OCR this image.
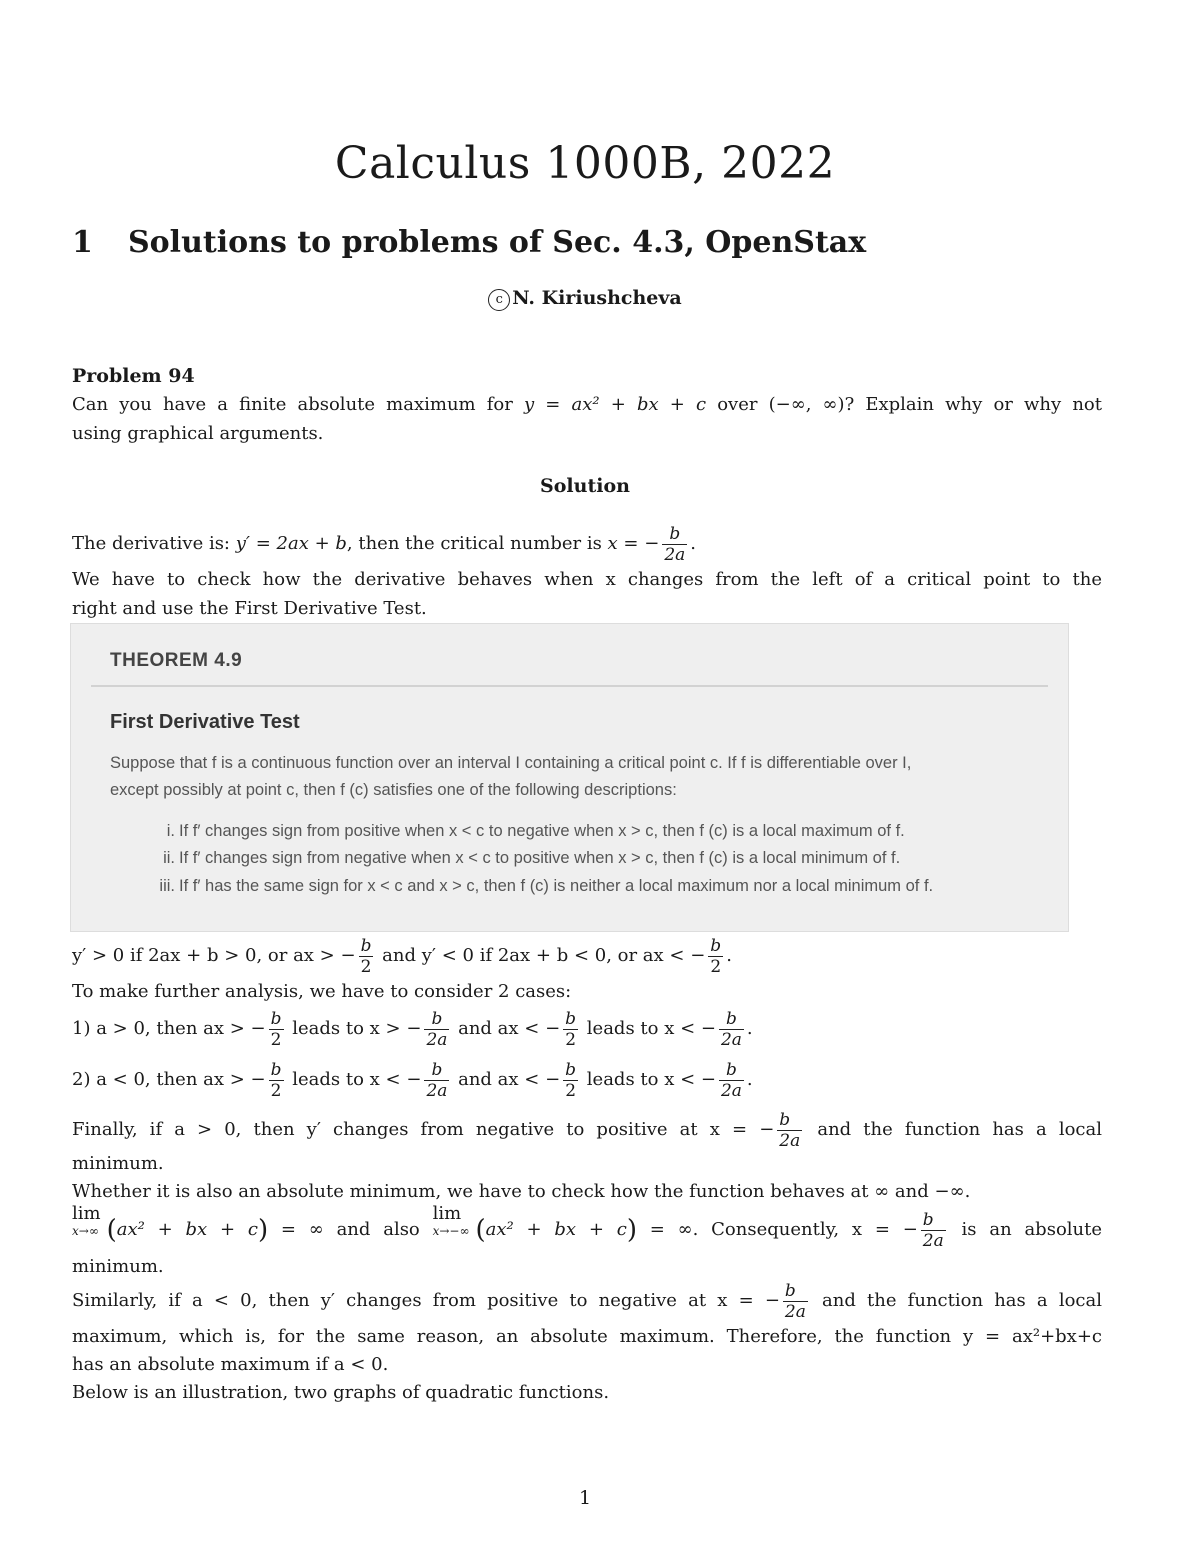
Calculus 1000B, 2022
1 Solutions to problems of Sec. 4.3, OpenStax
c N. Kiriushcheva
Problem 94
Can you have a finite absolute maximum for y = ax² + bx + c over (−∞, ∞)? Explain why or why not
using graphical arguments.
Solution
The derivative is: y′ = 2ax + b, then the critical number is x = − $\frac{b}{2a}$ .
We have to check how the derivative behaves when x changes from the left of a critical point to the
right and use the First Derivative Test.
THEOREM 4.9
First Derivative Test
Suppose that f is a continuous function over an interval I containing a critical point c. If f is differentiable over I,
except possibly at point c, then f (c) satisfies one of the following descriptions:
i. If f′ changes sign from positive when x < c to negative when x > c, then f (c) is a local maximum of f.
ii. If f′ changes sign from negative when x < c to positive when x > c, then f (c) is a local minimum of f.
iii. If f′ has the same sign for x < c and x > c, then f (c) is neither a local maximum nor a local minimum of f.
y′ > 0 if 2ax + b > 0, or ax > − $\frac{b}{2}$ and y′ < 0 if 2ax + b < 0, or ax < − $\frac{b}{2}$ .
To make further analysis, we have to consider 2 cases:
1) a > 0, then ax > − $\frac{b}{2}$ leads to x > − $\frac{b}{2a}$ and ax < − $\frac{b}{2}$ leads to x < − $\frac{b}{2a}$ .
2) a < 0, then ax > − $\frac{b}{2}$ leads to x < − $\frac{b}{2a}$ and ax < − $\frac{b}{2}$ leads to x < − $\frac{b}{2a}$ .
Finally, if a > 0, then y′ changes from negative to positive at x = − $\frac{b}{2a}$ and the function has a local
minimum.
Whether it is also an absolute minimum, we have to check how the function behaves at ∞ and −∞.
lim
x→∞ (ax² + bx + c) = ∞ and also lim
x→−∞ (ax² + bx + c) = ∞. Consequently, x = − $\frac{b}{2a}$ is an absolute
minimum.
Similarly, if a < 0, then y′ changes from positive to negative at x = − $\frac{b}{2a}$ and the function has a local
maximum, which is, for the same reason, an absolute maximum. Therefore, the function y = ax²+bx+c
has an absolute maximum if a < 0.
Below is an illustration, two graphs of quadratic functions.
1
